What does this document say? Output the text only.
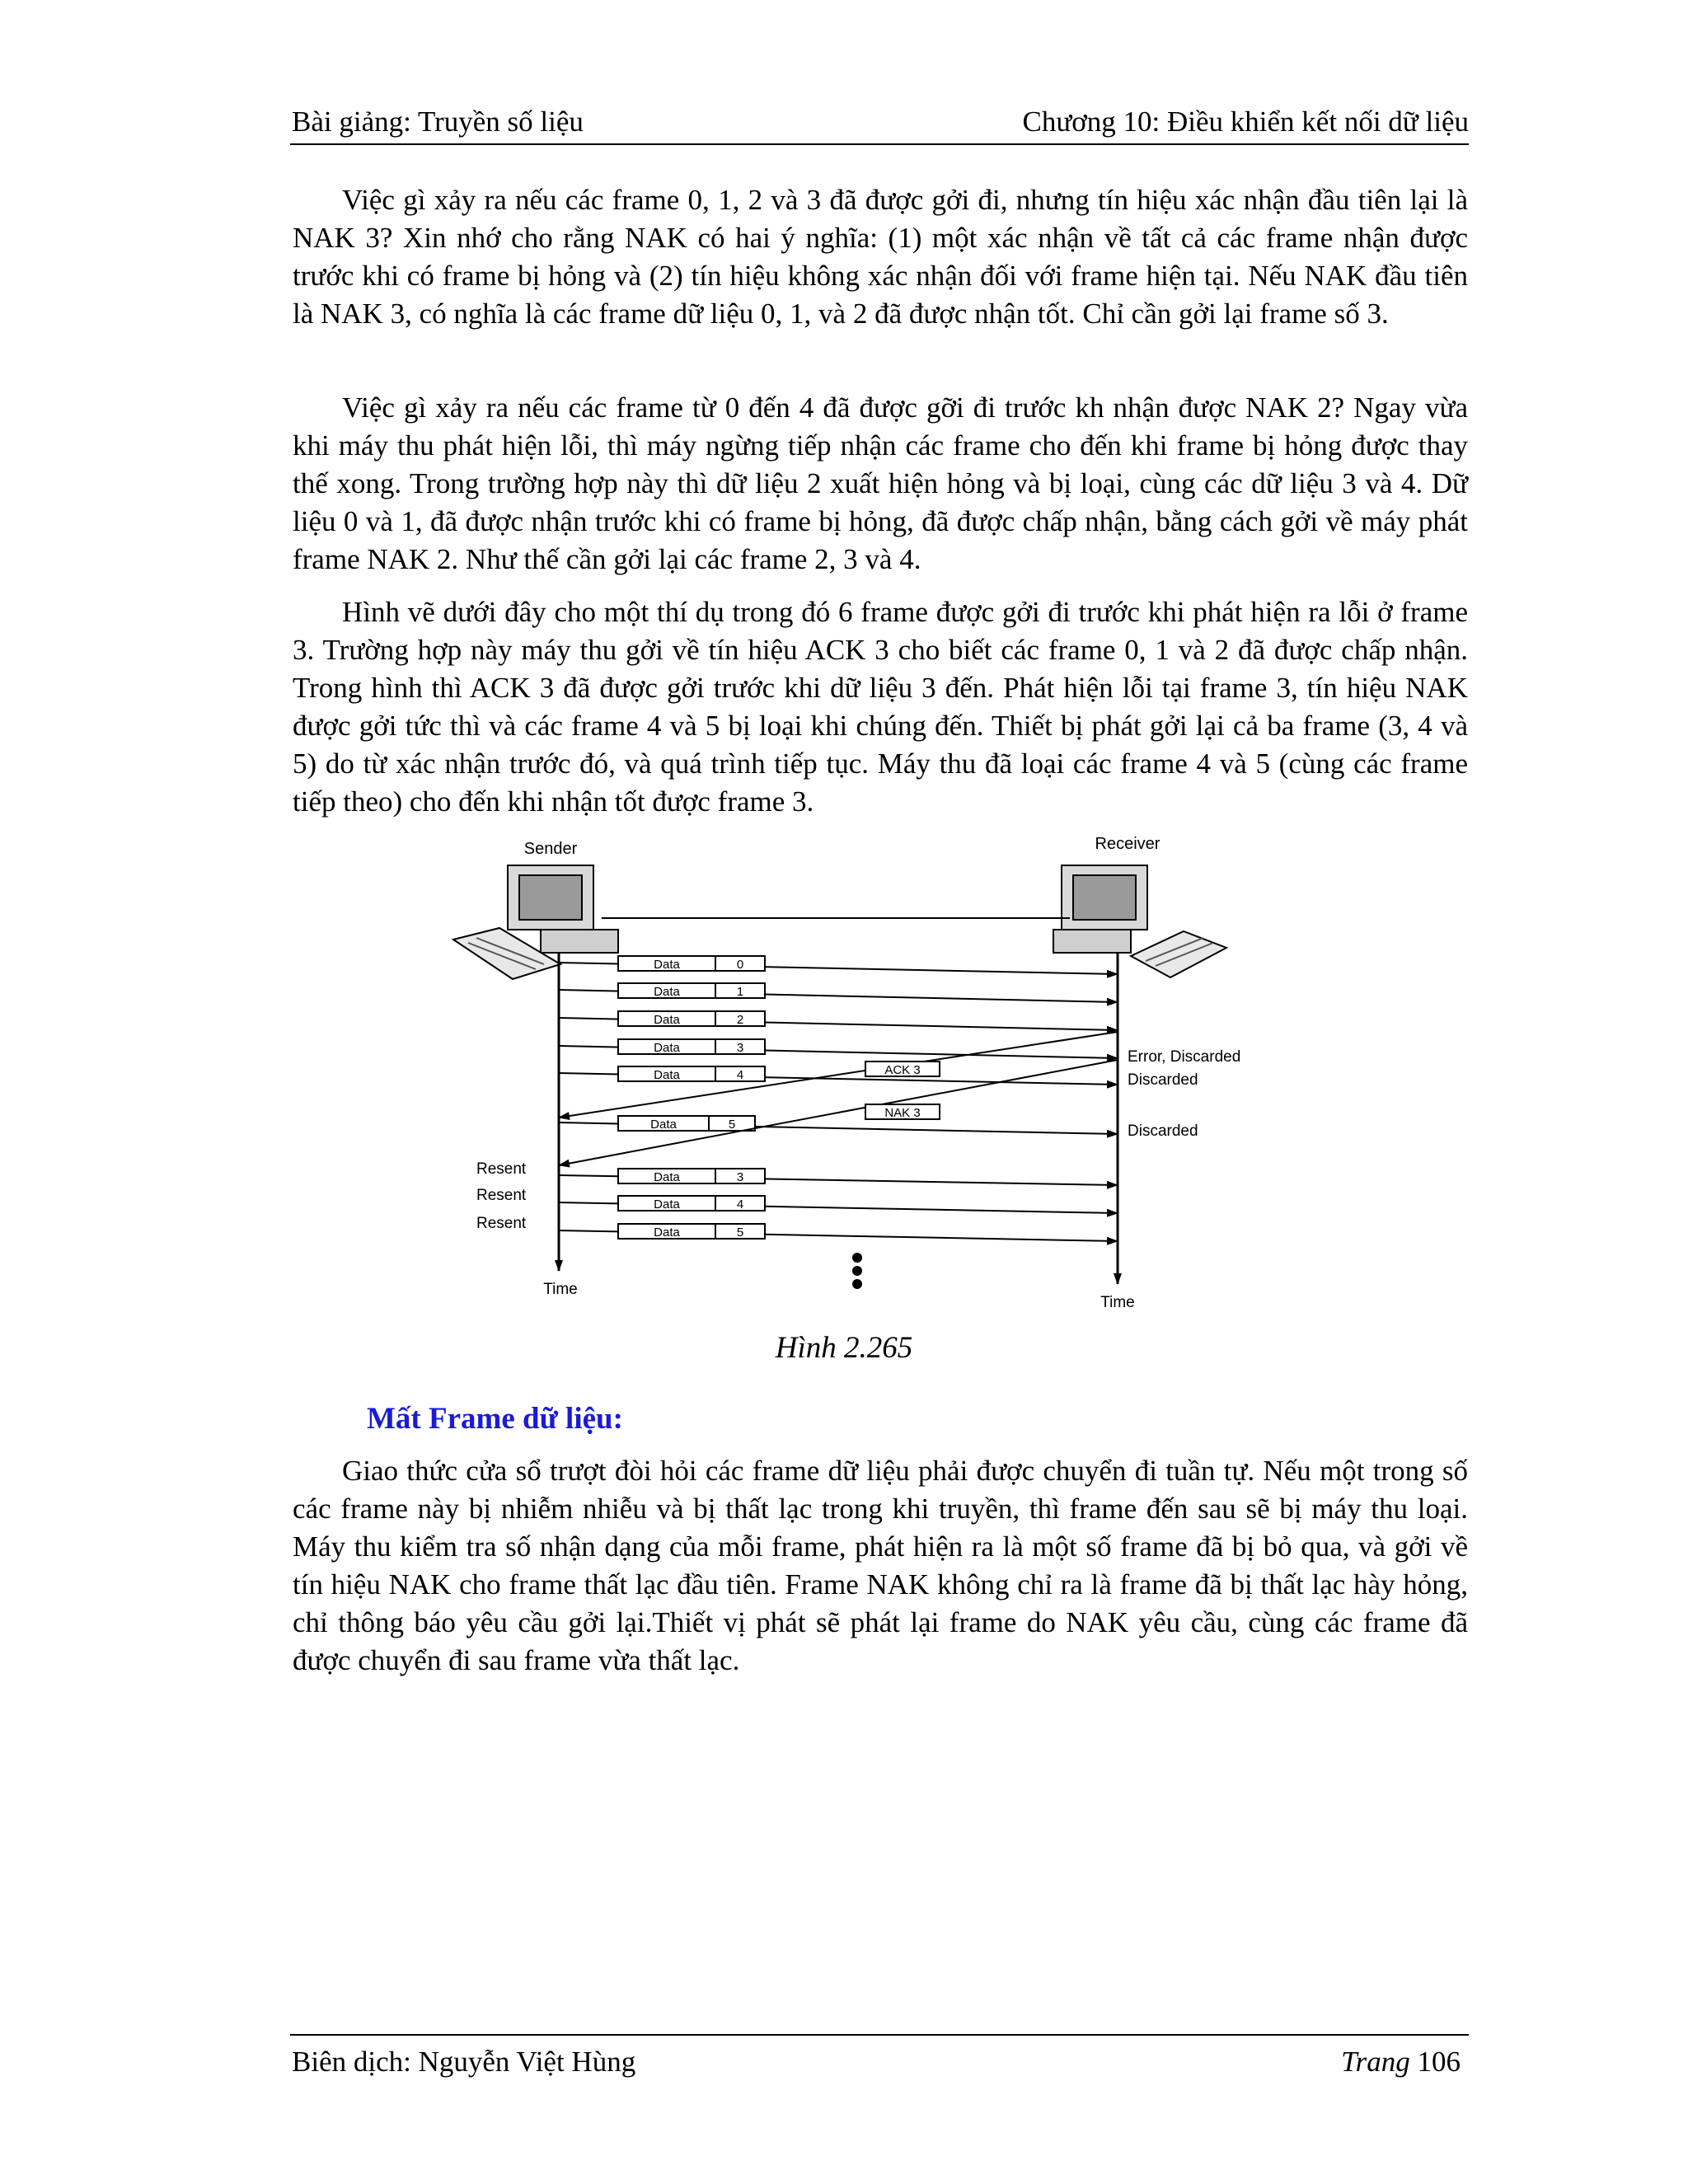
Bài giảng: Truyền số liệu	Chương 10: Điều khiển kết nối dữ liệu

Việc gì xảy ra nếu các frame 0, 1, 2 và 3 đã được gởi đi, nhưng tín hiệu xác nhận đầu tiên lại là NAK 3? Xin nhớ cho rằng NAK có hai ý nghĩa: (1) một xác nhận về tất cả các frame nhận được trước khi có frame bị hỏng và (2) tín hiệu không xác nhận đối với frame hiện tại. Nếu NAK đầu tiên là NAK 3, có nghĩa là các frame dữ liệu 0, 1, và 2 đã được nhận tốt. Chỉ cần gởi lại frame số 3.

Việc gì xảy ra nếu các frame từ 0 đến 4 đã được gỡi đi trước kh nhận được NAK 2? Ngay vừa khi máy thu phát hiện lỗi, thì máy ngừng tiếp nhận các frame cho đến khi frame bị hỏng được thay thế xong. Trong trường hợp này thì dữ liệu 2 xuất hiện hỏng và bị loại, cùng các dữ liệu 3 và 4. Dữ liệu 0 và 1, đã được nhận trước khi có frame bị hỏng, đã được chấp nhận, bằng cách gởi về máy phát frame NAK 2. Như thế cần gởi lại các frame 2, 3 và 4.

Hình vẽ dưới đây cho một thí dụ trong đó 6 frame được gởi đi trước khi phát hiện ra lỗi ở frame 3. Trường hợp này máy thu gởi về tín hiệu ACK 3 cho biết các frame 0, 1 và 2 đã được chấp nhận. Trong hình thì ACK 3 đã được gởi trước khi dữ liệu 3 đến. Phát hiện lỗi tại frame 3, tín hiệu NAK được gởi tức thì và các frame 4 và 5 bị loại khi chúng đến. Thiết bị phát gởi lại cả ba frame (3, 4 và 5) do từ xác nhận trước đó, và quá trình tiếp tục. Máy thu đã loại các frame 4 và 5 (cùng các frame tiếp theo) cho đến khi nhận tốt được frame 3.

Sender	Receiver
Data	0
Data	1
Data	2
Data	3
Data	4	ACK 3
Data	5
NAK 3
Error, Discarded
Discarded
Discarded
Resent
Resent
Resent
Data	3
Data	4
Data	5
Time
Time
Hình 2.265
Mất Frame dữ liệu:

Giao thức cửa sổ trượt đòi hỏi các frame dữ liệu phải được chuyển đi tuần tự. Nếu một trong số các frame này bị nhiễm nhiễu và bị thất lạc trong khi truyền, thì frame đến sau sẽ bị máy thu loại. Máy thu kiểm tra số nhận dạng của mỗi frame, phát hiện ra là một số frame đã bị bỏ qua, và gởi về tín hiệu NAK cho frame thất lạc đầu tiên. Frame NAK không chỉ ra là frame đã bị thất lạc hày hỏng, chỉ thông báo yêu cầu gởi lại.Thiết vị phát sẽ phát lại frame do NAK yêu cầu, cùng các frame đã được chuyển đi sau frame vừa thất lạc.

Biên dịch: Nguyễn Việt Hùng	Trang 106
